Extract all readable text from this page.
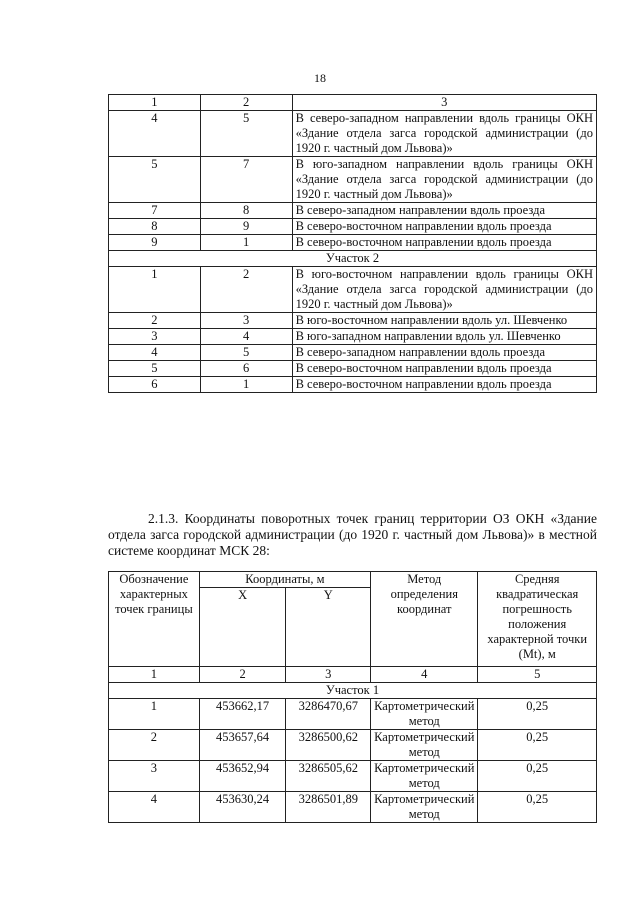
18
1	2	3
4	5	В северо-западном направлении вдоль границы ОКН «Здание отдела загса городской администрации (до 1920 г. частный дом Львова)»
5	7	В юго-западном направлении вдоль границы ОКН «Здание отдела загса городской администрации (до 1920 г. частный дом Львова)»
7	8	В северо-западном направлении вдоль проезда
8	9	В северо-восточном направлении вдоль проезда
9	1	В северо-восточном направлении вдоль проезда
Участок 2		
1	2	В юго-восточном направлении вдоль границы ОКН «Здание отдела загса городской администрации (до 1920 г. частный дом Львова)»
2	3	В юго-восточном направлении вдоль ул. Шевченко
3	4	В юго-западном направлении вдоль ул. Шевченко
4	5	В северо-западном направлении вдоль проезда
5	6	В северо-восточном направлении вдоль проезда
6	1	В северо-восточном направлении вдоль проезда
2.1.3. Координаты поворотных точек границ территории ОЗ ОКН «Здание отдела загса городской администрации (до 1920 г. частный дом Львова)» в местной системе координат МСК 28:
Обозначение характерных точек границы	Координаты, м		Метод определения координат	Средняя квадратическая погрешность положения характерной точки (Mt), м
	X	Y		
1	2	3	4	5
Участок 1				
1	453662,17	3286470,67	Картометрический метод	0,25
2	453657,64	3286500,62	Картометрический метод	0,25
3	453652,94	3286505,62	Картометрический метод	0,25
4	453630,24	3286501,89	Картометрический метод	0,25
